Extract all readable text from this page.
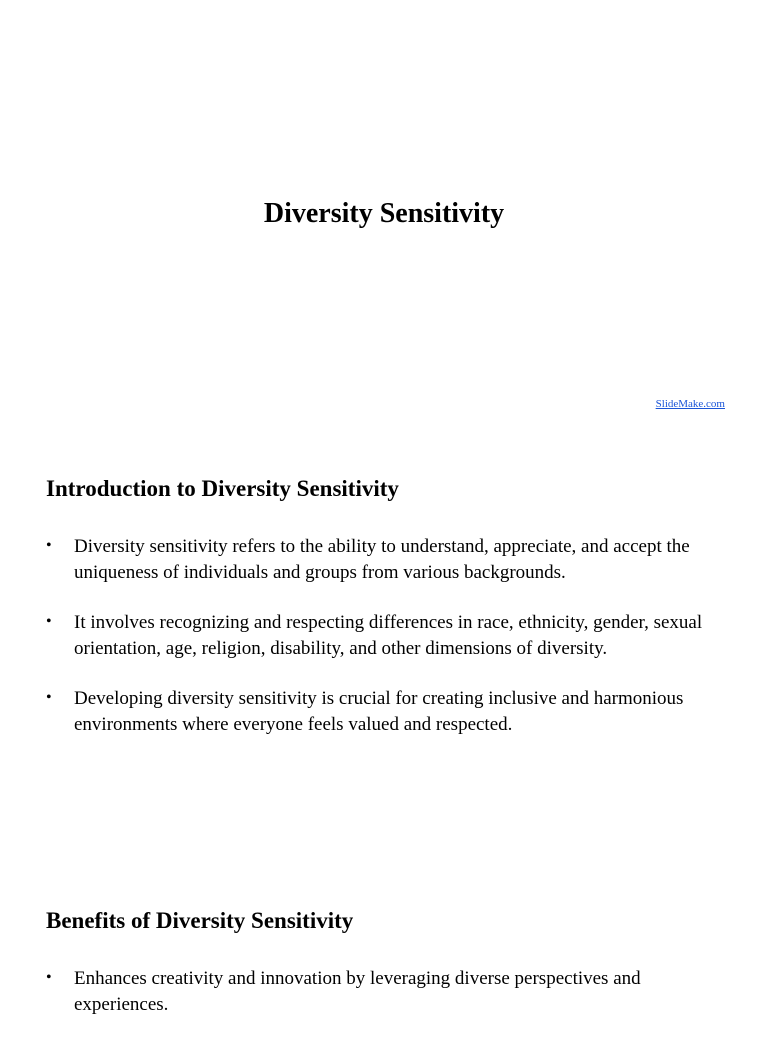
Diversity Sensitivity
SlideMake.com
Introduction to Diversity Sensitivity
• Diversity sensitivity refers to the ability to understand, appreciate, and accept the uniqueness of individuals and groups from various backgrounds.
• It involves recognizing and respecting differences in race, ethnicity, gender, sexual orientation, age, religion, disability, and other dimensions of diversity.
• Developing diversity sensitivity is crucial for creating inclusive and harmonious environments where everyone feels valued and respected.
Benefits of Diversity Sensitivity
• Enhances creativity and innovation by leveraging diverse perspectives and experiences.
